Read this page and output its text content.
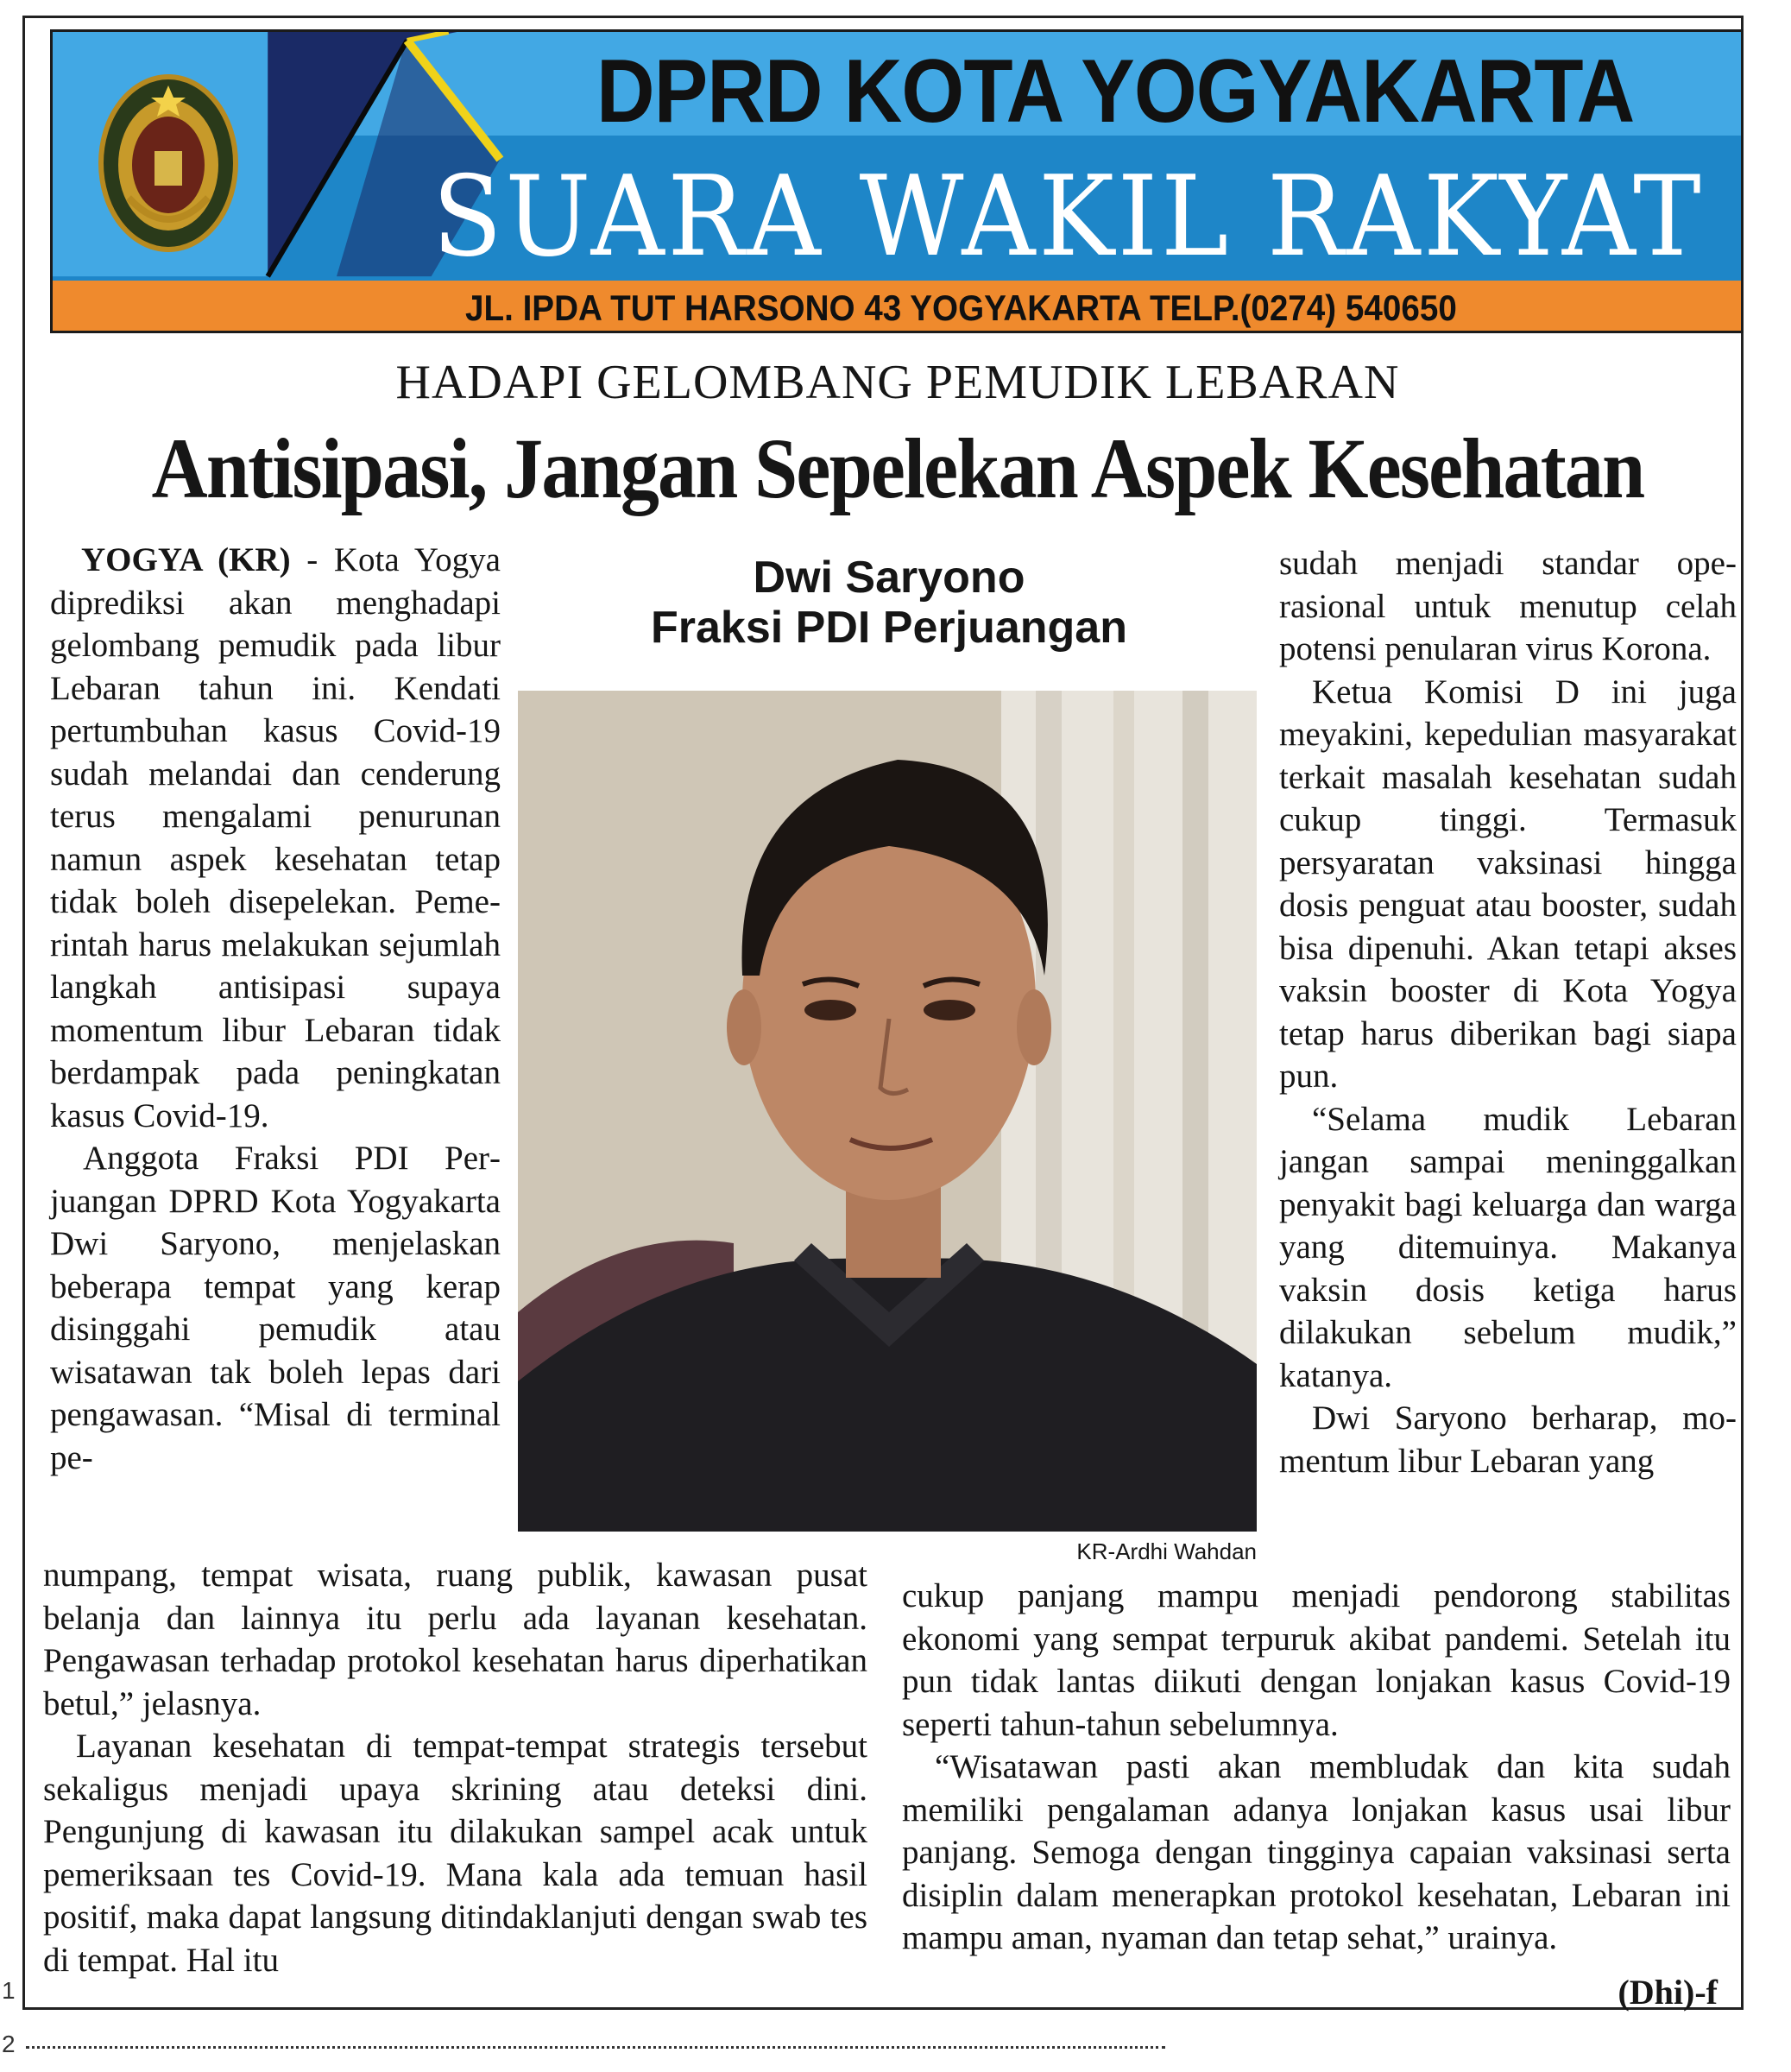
DPRD KOTA YOGYAKARTA
SUARA WAKIL RAKYAT
JL. IPDA TUT HARSONO 43 YOGYAKARTA TELP.(0274) 540650
HADAPI GELOMBANG PEMUDIK LEBARAN
Antisipasi, Jangan Sepelekan Aspek Kesehatan

YOGYA (KR) - Kota Yogya diprediksi akan menghadapi gelombang pemudik pada libur Lebaran tahun ini. Kendati pertumbuhan kasus Covid-19 sudah melandai dan cenderung terus mengalami penurunan namun aspek kesehatan tetap tidak boleh disepelekan. Pemerintah harus melakukan sejumlah langkah antisipasi supaya momentum libur Lebaran tidak berdampak pada peningkatan kasus Covid-19.

Anggota Fraksi PDI Perjuangan DPRD Kota Yogyakarta Dwi Saryono, menjelaskan beberapa tempat yang kerap disinggahi pemudik atau wisatawan tak boleh lepas dari pengawasan. “Misal di terminal pe-

numpang, tempat wisata, ruang publik, kawasan pusat belanja dan lainnya itu perlu ada layanan kesehatan. Pengawasan terhadap protokol kesehatan harus diperhatikan betul,” jelasnya.

Layanan kesehatan di tempat-tempat strategis tersebut sekaligus menjadi upaya skrining atau deteksi dini. Pengunjung di kawasan itu dilakukan sampel acak untuk pemeriksaan tes Covid-19. Mana kala ada temuan hasil positif, maka dapat langsung ditindaklanjuti dengan swab tes di tempat. Hal itu

Dwi Saryono
Fraksi PDI Perjuangan
KR-Ardhi Wahdan

sudah menjadi standar operasional untuk menutup celah potensi penularan virus Korona.

Ketua Komisi D ini juga meyakini, kepedulian masyarakat terkait masalah kesehatan sudah cukup tinggi. Termasuk persyaratan vaksinasi hingga dosis penguat atau booster, sudah bisa dipenuhi. Akan tetapi akses vaksin booster di Kota Yogya tetap harus diberikan bagi siapa pun.

“Selama mudik Lebaran jangan sampai meninggalkan penyakit bagi keluarga dan warga yang ditemuinya. Makanya vaksin dosis ketiga harus dilakukan sebelum mudik,” katanya.

Dwi Saryono berharap, momentum libur Lebaran yang

cukup panjang mampu menjadi pendorong stabilitas ekonomi yang sempat terpuruk akibat pandemi. Setelah itu pun tidak lantas diikuti dengan lonjakan kasus Covid-19 seperti tahun-tahun sebelumnya.

“Wisatawan pasti akan membludak dan kita sudah memiliki pengalaman adanya lonjakan kasus usai libur panjang. Semoga dengan tingginya capaian vaksinasi serta disiplin dalam menerapkan protokol kesehatan, Lebaran ini mampu aman, nyaman dan tetap sehat,” urainya.

(Dhi)-f
1
2
